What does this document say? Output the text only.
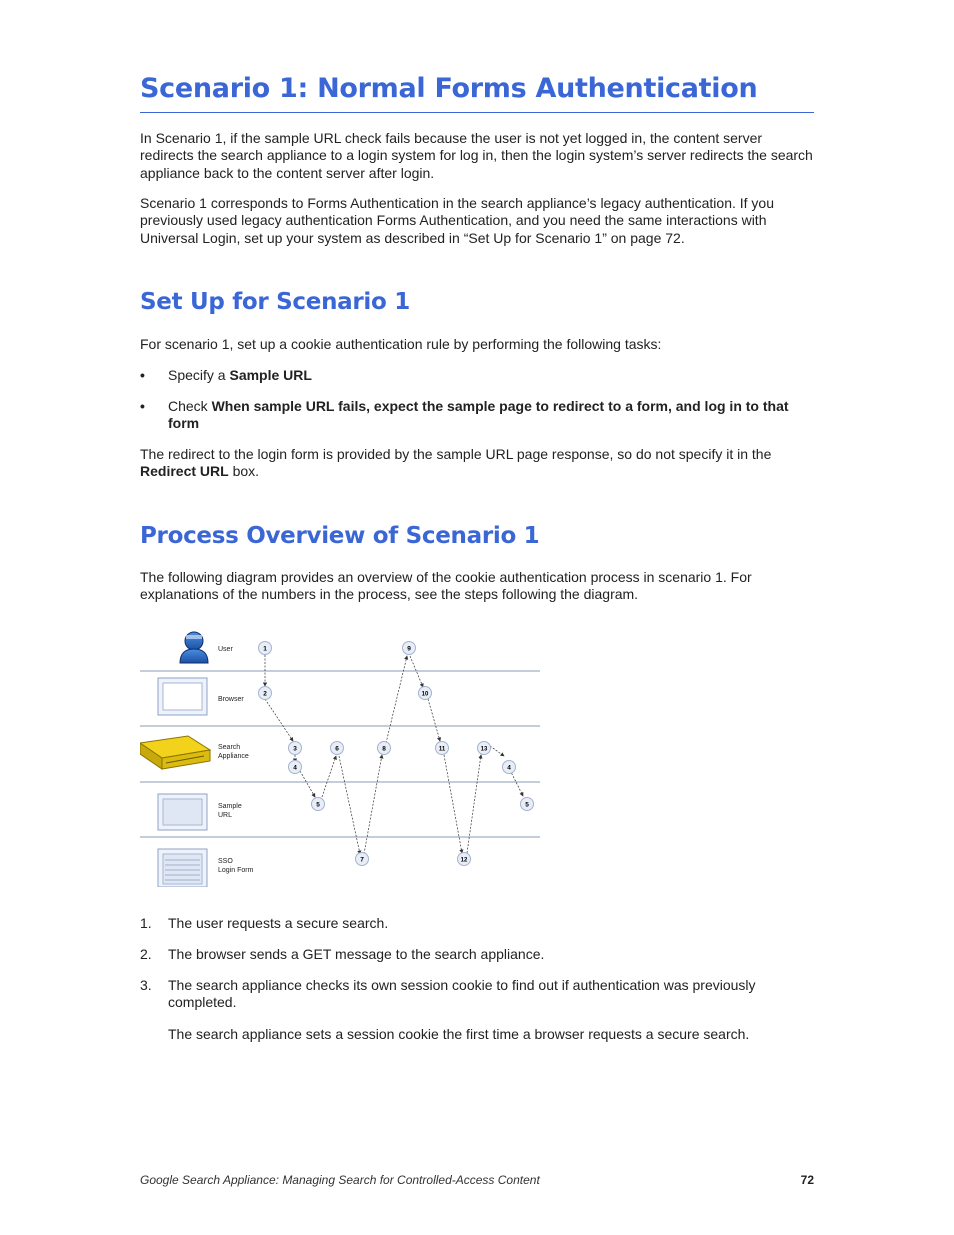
Scenario 1: Normal Forms Authentication

In Scenario 1, if the sample URL check fails because the user is not yet logged in, the content server redirects the search appliance to a login system for log in, then the login system’s server redirects the search appliance back to the content server after login.

Scenario 1 corresponds to Forms Authentication in the search appliance’s legacy authentication. If you previously used legacy authentication Forms Authentication, and you need the same interactions with Universal Login, set up your system as described in “Set Up for Scenario 1” on page 72.

Set Up for Scenario 1

For scenario 1, set up a cookie authentication rule by performing the following tasks:

• Specify a Sample URL
• Check When sample URL fails, expect the sample page to redirect to a form, and log in to that form

The redirect to the login form is provided by the sample URL page response, so do not specify it in the Redirect URL box.

Process Overview of Scenario 1

The following diagram provides an overview of the cookie authentication process in scenario 1. For explanations of the numbers in the process, see the steps following the diagram.

User
Browser
Search
Appliance
Sample
URL
SSO
Login Form
1
2
3
4
5
6
7
8
9
10
11
12
13
4
5
1. The user requests a secure search.
2. The browser sends a GET message to the search appliance.
3. The search appliance checks its own session cookie to find out if authentication was previously completed.
The search appliance sets a session cookie the first time a browser requests a secure search.
Google Search Appliance: Managing Search for Controlled-Access Content	72
